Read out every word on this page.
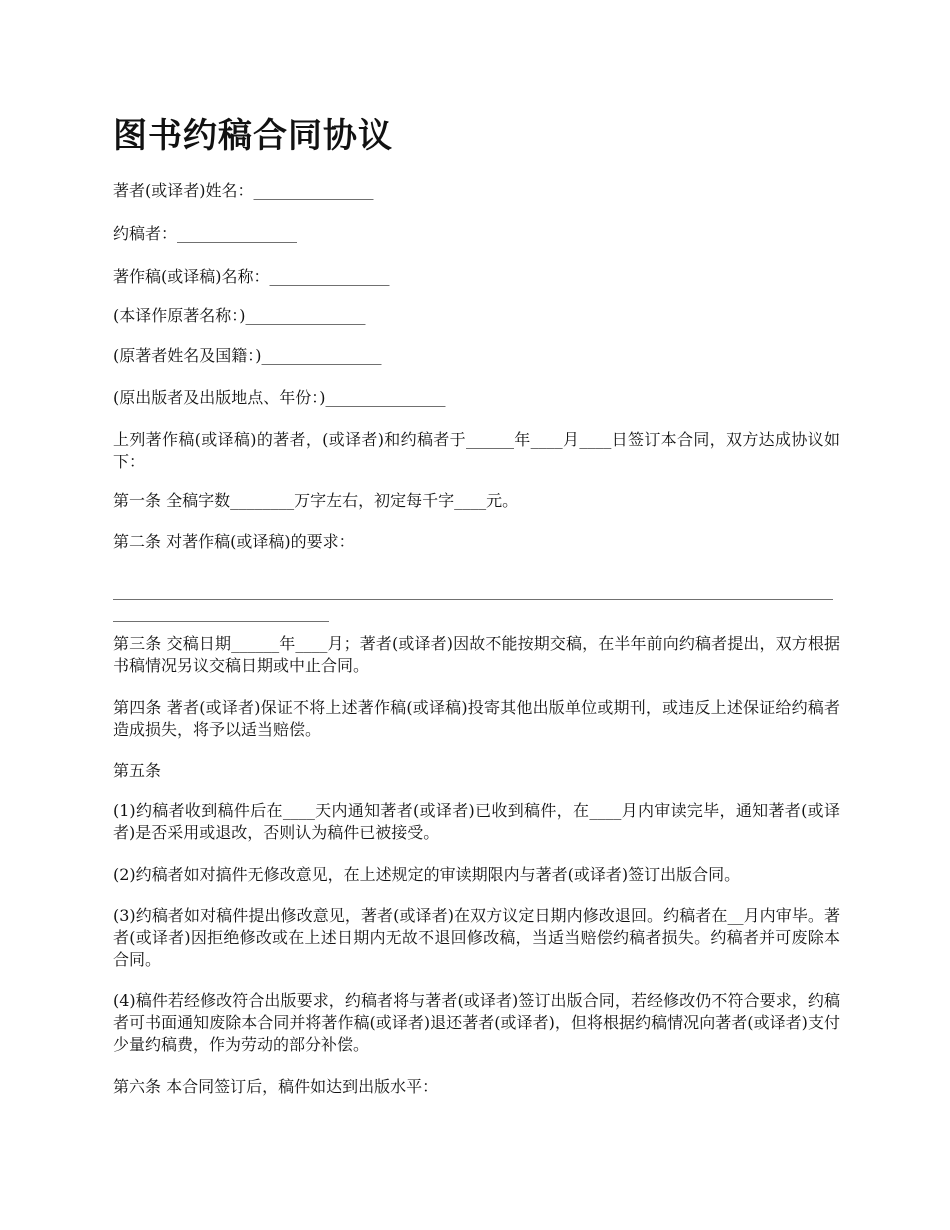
图书约稿合同协议

著者(或译者)姓名：_______________

约稿者：_______________

著作稿(或译稿)名称：_______________

(本译作原著名称：)_______________

(原著者姓名及国籍：)_______________

(原出版者及出版地点、年份：)_______________

上列著作稿(或译稿)的著者，(或译者)和约稿者于______年____月____日签订本合同，双方达成协议如下：

第一条 全稿字数________万字左右，初定每千字____元。

第二条 对著作稿(或译稿)的要求：

_____________________________________________________________________________________________________________________

第三条 交稿日期______年____月；著者(或译者)因故不能按期交稿，在半年前向约稿者提出，双方根据书稿情况另议交稿日期或中止合同。

第四条 著者(或译者)保证不将上述著作稿(或译稿)投寄其他出版单位或期刊，或违反上述保证给约稿者造成损失，将予以适当赔偿。

第五条

(1)约稿者收到稿件后在____天内通知著者(或译者)已收到稿件，在____月内审读完毕，通知著者(或译者)是否采用或退改，否则认为稿件已被接受。

(2)约稿者如对搞件无修改意见，在上述规定的审读期限内与著者(或译者)签订出版合同。

(3)约稿者如对稿件提出修改意见，著者(或译者)在双方议定日期内修改退回。约稿者在__月内审毕。著者(或译者)因拒绝修改或在上述日期内无故不退回修改稿，当适当赔偿约稿者损失。约稿者并可废除本合同。

(4)稿件若经修改符合出版要求，约稿者将与著者(或译者)签订出版合同，若经修改仍不符合要求，约稿者可书面通知废除本合同并将著作稿(或译者)退还著者(或译者)，但将根据约稿情况向著者(或译者)支付少量约稿费，作为劳动的部分补偿。

第六条 本合同签订后，稿件如达到出版水平：
